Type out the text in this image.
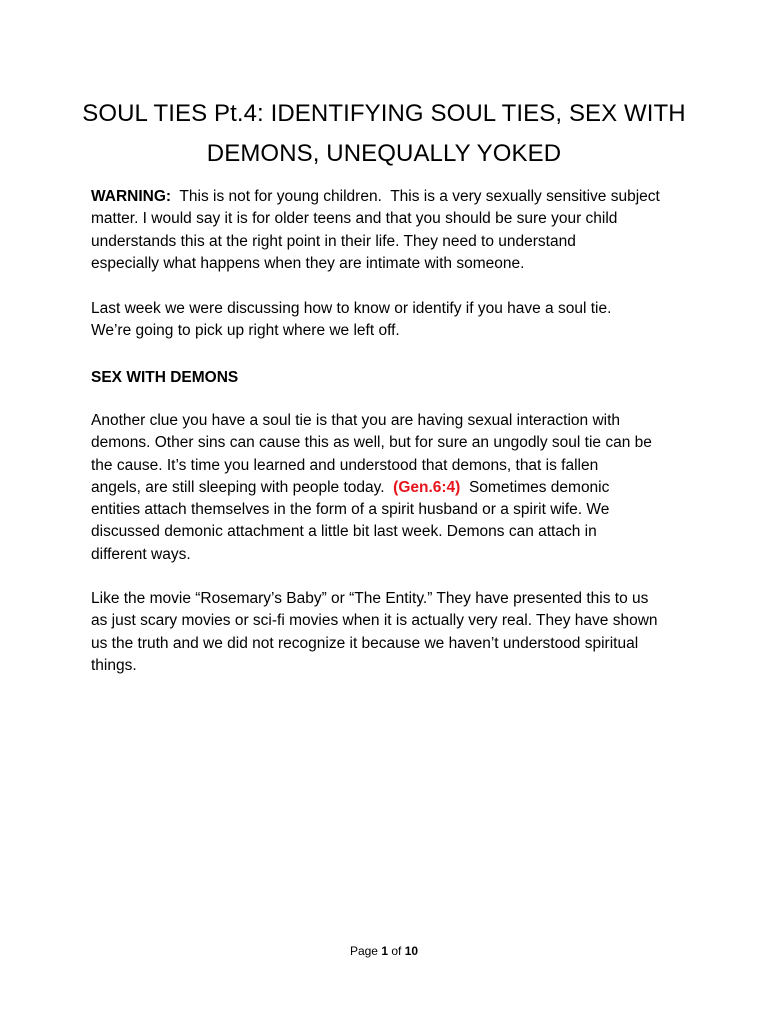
SOUL TIES Pt.4: IDENTIFYING SOUL TIES, SEX WITH
DEMONS, UNEQUALLY YOKED

WARNING:  This is not for young children.  This is a very sexually sensitive subject
matter. I would say it is for older teens and that you should be sure your child
understands this at the right point in their life. They need to understand
especially what happens when they are intimate with someone.

Last week we were discussing how to know or identify if you have a soul tie.
We’re going to pick up right where we left off.

SEX WITH DEMONS

Another clue you have a soul tie is that you are having sexual interaction with
demons. Other sins can cause this as well, but for sure an ungodly soul tie can be
the cause. It’s time you learned and understood that demons, that is fallen
angels, are still sleeping with people today.  (Gen.6:4)  Sometimes demonic
entities attach themselves in the form of a spirit husband or a spirit wife. We
discussed demonic attachment a little bit last week. Demons can attach in
different ways.

Like the movie “Rosemary’s Baby” or “The Entity.” They have presented this to us
as just scary movies or sci-fi movies when it is actually very real. They have shown
us the truth and we did not recognize it because we haven’t understood spiritual
things.

Page 1 of 10
